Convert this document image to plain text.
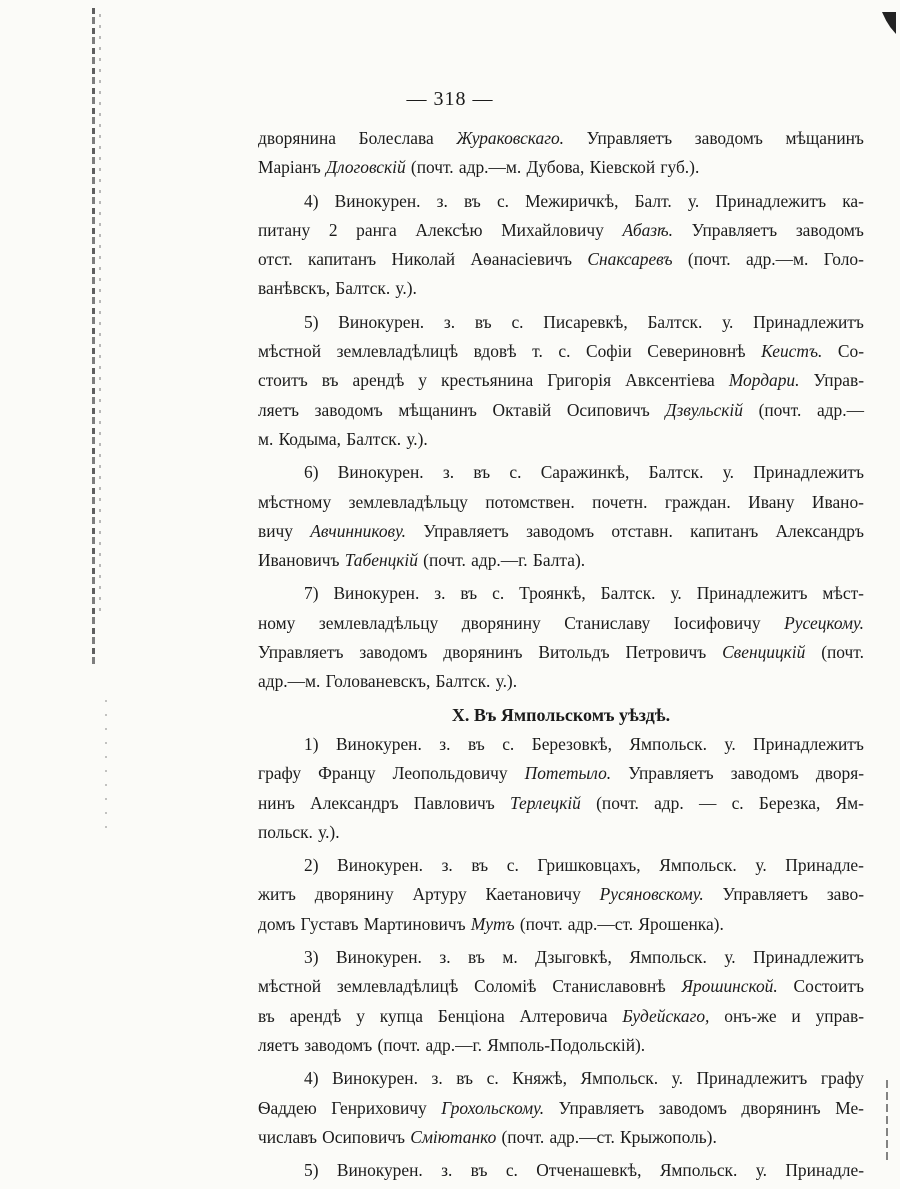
— 318 —
дворянина Болеслава Жураковскаго. Управляетъ заводомъ мѣщанинъ
Маріанъ Длоговскій (почт. адр.—м. Дубова, Кіевской губ.).
4) Винокурен. з. въ с. Межиричкѣ, Балт. у. Принадлежитъ ка-
питану 2 ранга Алексѣю Михайловичу Абазѣ. Управляетъ заводомъ
отст. капитанъ Николай Аѳанасіевичъ Снаксаревъ (почт. адр.—м. Голо-
ванѣвскъ, Балтск. у.).
5) Винокурен. з. въ с. Писаревкѣ, Балтск. у. Принадлежитъ
мѣстной землевладѣлицѣ вдовѣ т. с. Софіи Севериновнѣ Кеистъ. Со-
стоитъ въ арендѣ у крестьянина Григорія Авксентіева Мордари. Управ-
ляетъ заводомъ мѣщанинъ Октавій Осиповичъ Дзвульскій (почт. адр.—
м. Кодыма, Балтск. у.).
6) Винокурен. з. въ с. Саражинкѣ, Балтск. у. Принадлежитъ
мѣстному землевладѣльцу потомствен. почетн. граждан. Ивану Ивано-
вичу Авчинникову. Управляетъ заводомъ отставн. капитанъ Александръ
Ивановичъ Табенцкій (почт. адр.—г. Балта).
7) Винокурен. з. въ с. Троянкѣ, Балтск. у. Принадлежитъ мѣст-
ному землевладѣльцу дворянину Станиславу Іосифовичу Русецкому.
Управляетъ заводомъ дворянинъ Витольдъ Петровичъ Свенцицкій (почт.
адр.—м. Голованевскъ, Балтск. у.).
X. Въ Ямпольскомъ уѣздѣ.
1) Винокурен. з. въ с. Березовкѣ, Ямпольск. у. Принадлежитъ
графу Францу Леопольдовичу Потетыло. Управляетъ заводомъ дворя-
нинъ Александръ Павловичъ Терлецкій (почт. адр. — с. Березка, Ям-
польск. у.).
2) Винокурен. з. въ с. Гришковцахъ, Ямпольск. у. Принадле-
житъ дворянину Артуру Каетановичу Русяновскому. Управляетъ заво-
домъ Густавъ Мартиновичъ Мутъ (почт. адр.—ст. Ярошенка).
3) Винокурен. з. въ м. Дзыговкѣ, Ямпольск. у. Принадлежитъ
мѣстной землевладѣлицѣ Соломіѣ Станиславовнѣ Ярошинской. Состоитъ
въ арендѣ у купца Бенціона Алтеровича Будейскаго, онъ-же и управ-
ляетъ заводомъ (почт. адр.—г. Ямполь-Подольскій).
4) Винокурен. з. въ с. Княжѣ, Ямпольск. у. Принадлежитъ графу
Ѳаддею Генриховичу Грохольскому. Управляетъ заводомъ дворянинъ Ме-
числавъ Осиповичъ Смiютанко (почт. адр.—ст. Крыжополь).
5) Винокурен. з. въ с. Отченашевкѣ, Ямпольск. у. Принадле-
